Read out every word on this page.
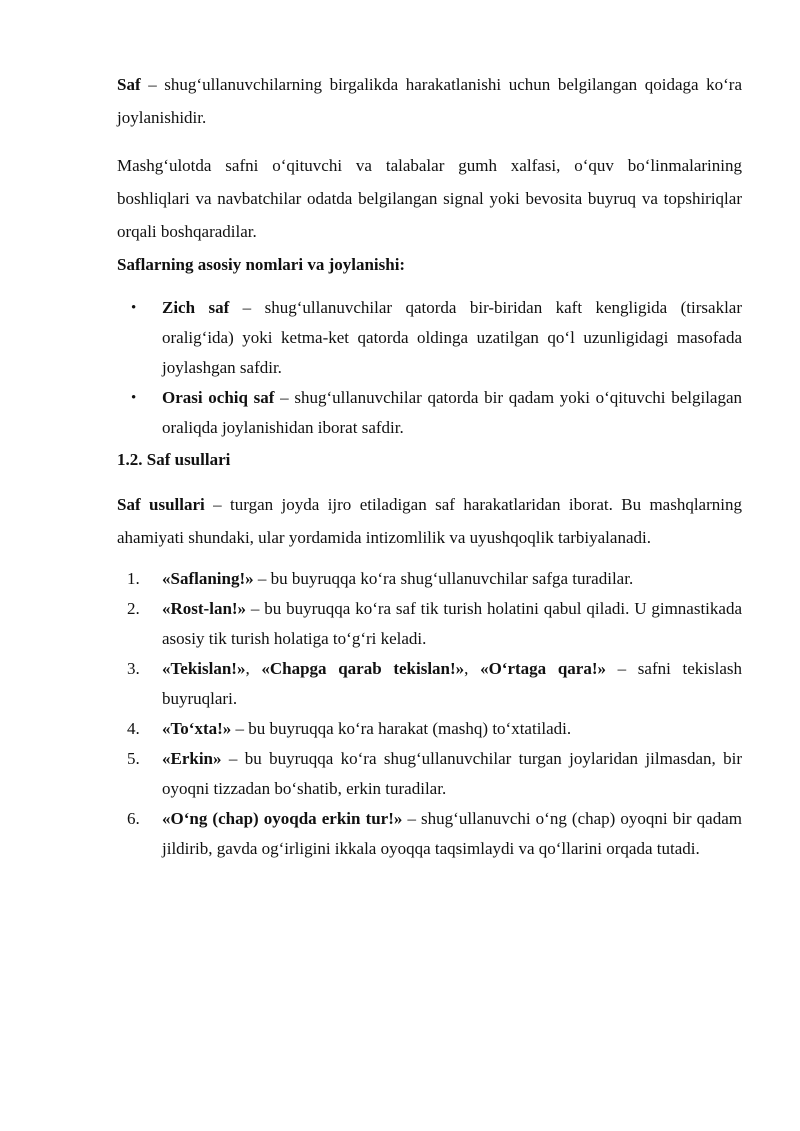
Saf – shug‘ullanuvchilarning birgalikda harakatlanishi uchun belgilangan qoidaga ko‘ra joylanishidir.

Mashg‘ulotda safni o‘qituvchi va talabalar gumh xalfasi, o‘quv bo‘linmalarining boshliqlari va navbatchilar odatda belgilangan signal yoki bevosita buyruq va topshiriqlar orqali boshqaradilar.

Saflarning asosiy nomlari va joylanishi:

• Zich saf – shug‘ullanuvchilar qatorda bir-biridan kaft kengligida (tirsaklar oralig‘ida) yoki ketma-ket qatorda oldinga uzatilgan qo‘l uzunligidagi masofada joylashgan safdir.
• Orasi ochiq saf – shug‘ullanuvchilar qatorda bir qadam yoki o‘qituvchi belgilagan oraliqda joylanishidan iborat safdir.

1.2. Saf usullari

Saf usullari – turgan joyda ijro etiladigan saf harakatlaridan iborat. Bu mashqlarning ahamiyati shundaki, ular yordamida intizomlilik va uyushqoqlik tarbiyalanadi.

1. «Saflaning!» – bu buyruqqa ko‘ra shug‘ullanuvchilar safga turadilar.
2. «Rost-lan!» – bu buyruqqa ko‘ra saf tik turish holatini qabul qiladi. U gimnastikada asosiy tik turish holatiga to‘g‘ri keladi.
3. «Tekislan!», «Chapga qarab tekislan!», «O‘rtaga qara!» – safni tekislash buyruqlari.
4. «To‘xta!» – bu buyruqqa ko‘ra harakat (mashq) to‘xtatiladi.
5. «Erkin» – bu buyruqqa ko‘ra shug‘ullanuvchilar turgan joylaridan jilmasdan, bir oyoqni tizzadan bo‘shatib, erkin turadilar.
6. «O‘ng (chap) oyoqda erkin tur!» – shug‘ullanuvchi o‘ng (chap) oyoqni bir qadam jildirib, gavda og‘irligini ikkala oyoqqa taqsimlaydi va qo‘llarini orqada tutadi.
